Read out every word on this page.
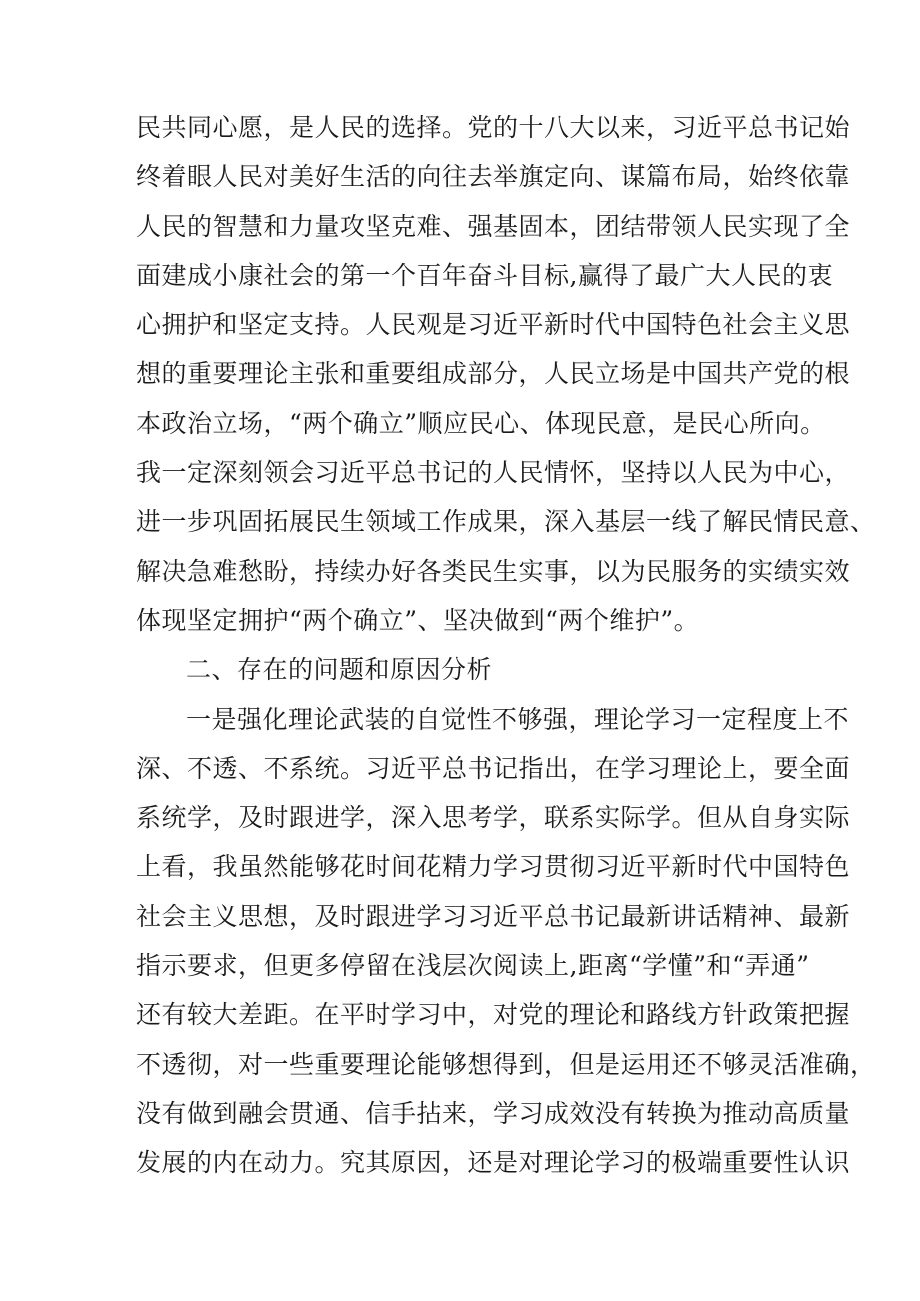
民共同心愿，是人民的选择。党的十八大以来，习近平总书记始
终着眼人民对美好生活的向往去举旗定向、谋篇布局，始终依靠
人民的智慧和力量攻坚克难、强基固本，团结带领人民实现了全
面建成小康社会的第一个百年奋斗目标,赢得了最广大人民的衷
心拥护和坚定支持。人民观是习近平新时代中国特色社会主义思
想的重要理论主张和重要组成部分，人民立场是中国共产党的根
本政治立场，“两个确立”顺应民心、体现民意，是民心所向。
我一定深刻领会习近平总书记的人民情怀，坚持以人民为中心，
进一步巩固拓展民生领域工作成果，深入基层一线了解民情民意、
解决急难愁盼，持续办好各类民生实事，以为民服务的实绩实效
体现坚定拥护“两个确立”、坚决做到“两个维护”。
二、存在的问题和原因分析
一是强化理论武装的自觉性不够强，理论学习一定程度上不
深、不透、不系统。习近平总书记指出，在学习理论上，要全面
系统学，及时跟进学，深入思考学，联系实际学。但从自身实际
上看，我虽然能够花时间花精力学习贯彻习近平新时代中国特色
社会主义思想，及时跟进学习习近平总书记最新讲话精神、最新
指示要求，但更多停留在浅层次阅读上,距离“学懂”和“弄通”
还有较大差距。在平时学习中，对党的理论和路线方针政策把握
不透彻，对一些重要理论能够想得到，但是运用还不够灵活准确，
没有做到融会贯通、信手拈来，学习成效没有转换为推动高质量
发展的内在动力。究其原因，还是对理论学习的极端重要性认识
